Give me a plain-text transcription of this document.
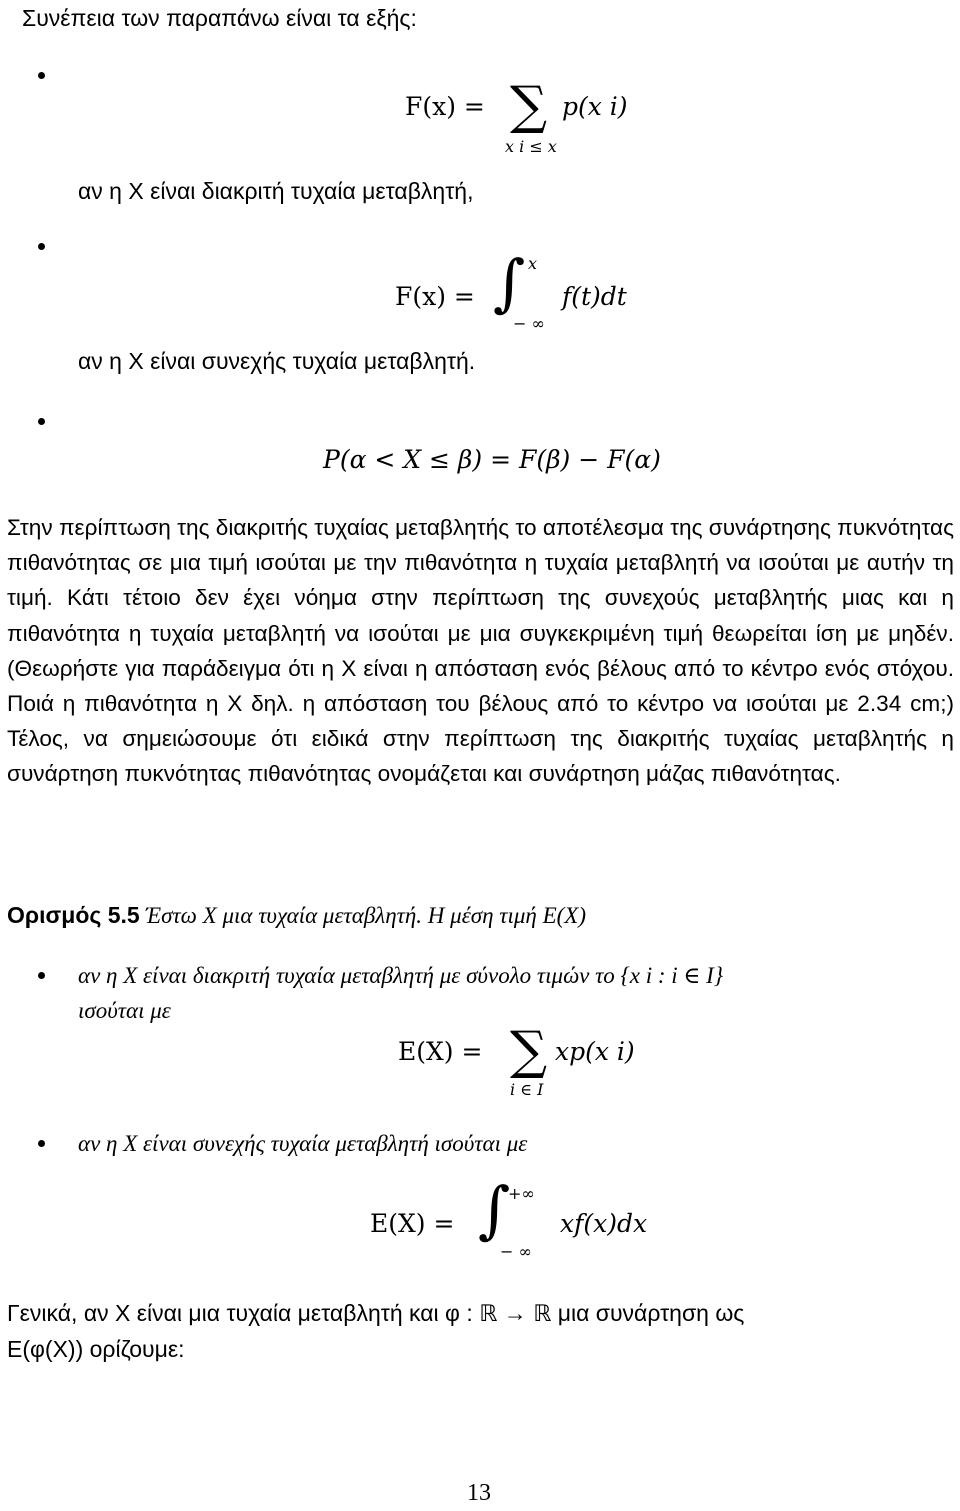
Συνέπεια των παραπάνω είναι τα εξής:
F(x) = ∑
x i ≤ x
p(x i)
αν η X είναι διακριτή τυχαία μεταβλητή,
F(x) = ∫ x
− ∞
f(t)dt
αν η X είναι συνεχής τυχαία μεταβλητή.
P(α < X ≤ β) = F(β) − F(α)
Στην περίπτωση της διακριτής τυχαίας μεταβλητής το αποτέλεσμα της συνάρτησης πυκνότητας πιθανότητας σε μια τιμή ισούται με την πιθανότητα η τυχαία μεταβλητή να ισούται με αυτήν τη τιμή. Κάτι τέτοιο δεν έχει νόημα στην περίπτωση της συνεχούς μεταβλητής μιας και η πιθανότητα η τυχαία μεταβλητή να ισούται με μια συγκεκριμένη τιμή θεωρείται ίση με μηδέν. (Θεωρήστε για παράδειγμα ότι η X είναι η απόσταση ενός βέλους από το κέντρο ενός στόχου. Ποιά η πιθανότητα η X δηλ. η απόσταση του βέλους από το κέντρο να ισούται με 2.34 cm;) Τέλος, να σημειώσουμε ότι ειδικά στην περίπτωση της διακριτής τυχαίας μεταβλητής η συνάρτηση πυκνότητας πιθανότητας ονομάζεται και συνάρτηση μάζας πιθανότητας.
Ορισμός 5.5 Έστω X μια τυχαία μεταβλητή. Η μέση τιμή E(X)
αν η X είναι διακριτή τυχαία μεταβλητή με σύνολο τιμών το {x i : i ∈ I}
ισούται με
E(X) = ∑
i ∈ I
xp(x i)
αν η X είναι συνεχής τυχαία μεταβλητή ισούται με
E(X) = ∫
+∞
− ∞
xf(x)dx
Γενικά, αν X είναι μια τυχαία μεταβλητή και φ : ℝ → ℝ μια συνάρτηση ως
E(φ(X)) ορίζουμε:
13
